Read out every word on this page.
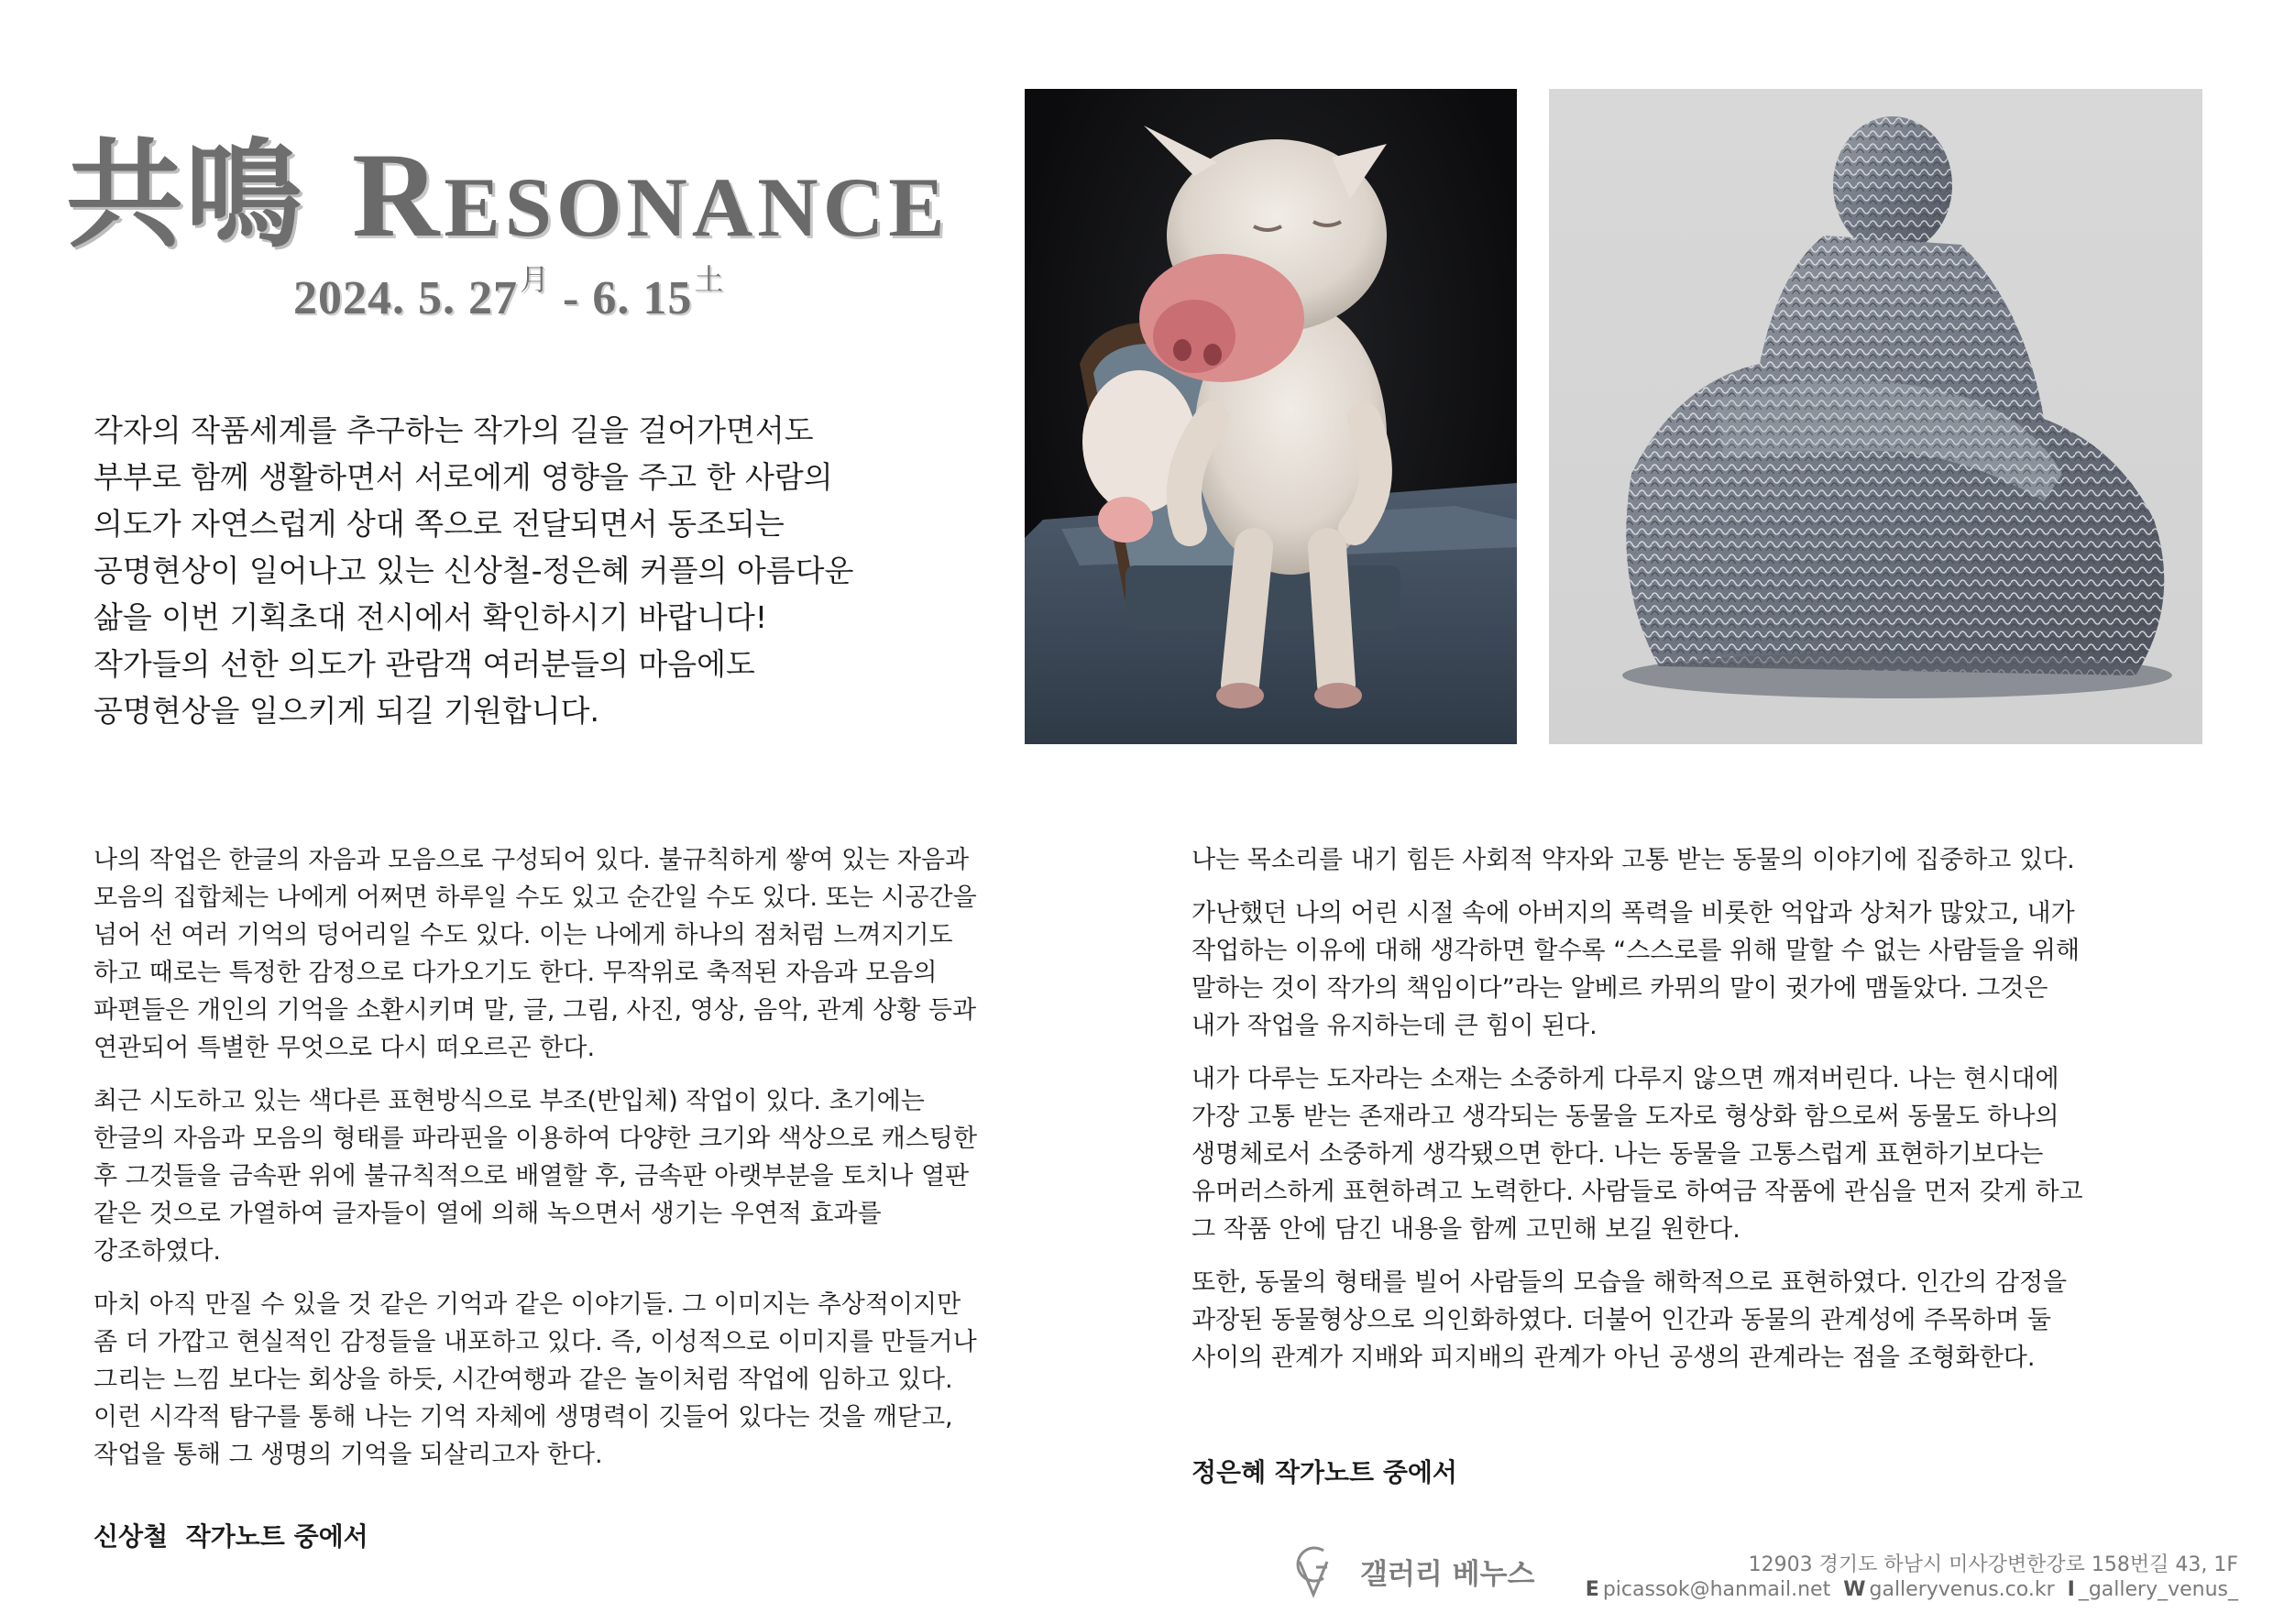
共鳴 Resonance
2024. 5. $27^月 - 6$. $15^土$

각자의 작품세계를 추구하는 작가의 길을 걸어가면서도

부부로 함께 생활하면서 서로에게 영향을 주고 한 사람의

의도가 자연스럽게 상대 쪽으로 전달되면서 동조되는

공명현상이 일어나고 있는 신상철-정은혜 커플의 아름다운

삶을 이번 기획초대 전시에서 확인하시기 바랍니다!

작가들의 선한 의도가 관람객 여러분들의 마음에도

공명현상을 일으키게 되길 기원합니다.

나의 작업은 한글의 자음과 모음으로 구성되어 있다. 불규칙하게 쌓여 있는 자음과
모음의 집합체는 나에게 어쩌면 하루일 수도 있고 순간일 수도 있다. 또는 시공간을
넘어 선 여러 기억의 덩어리일 수도 있다. 이는 나에게 하나의 점처럼 느껴지기도
하고 때로는 특정한 감정으로 다가오기도 한다. 무작위로 축적된 자음과 모음의
파편들은 개인의 기억을 소환시키며 말, 글, 그림, 사진, 영상, 음악, 관계 상황 등과
연관되어 특별한 무엇으로 다시 떠오르곤 한다.

최근 시도하고 있는 색다른 표현방식으로 부조(반입체) 작업이 있다. 초기에는
한글의 자음과 모음의 형태를 파라핀을 이용하여 다양한 크기와 색상으로 캐스팅한
후 그것들을 금속판 위에 불규칙적으로 배열할 후, 금속판 아랫부분을 토치나 열판
같은 것으로 가열하여 글자들이 열에 의해 녹으면서 생기는 우연적 효과를
강조하였다.

마치 아직 만질 수 있을 것 같은 기억과 같은 이야기들. 그 이미지는 추상적이지만
좀 더 가깝고 현실적인 감정들을 내포하고 있다. 즉, 이성적으로 이미지를 만들거나
그리는 느낌 보다는 회상을 하듯, 시간여행과 같은 놀이처럼 작업에 임하고 있다.
이런 시각적 탐구를 통해 나는 기억 자체에 생명력이 깃들어 있다는 것을 깨닫고,
작업을 통해 그 생명의 기억을 되살리고자 한다.

신상철  작가노트 중에서

나는 목소리를 내기 힘든 사회적 약자와 고통 받는 동물의 이야기에 집중하고 있다.

가난했던 나의 어린 시절 속에 아버지의 폭력을 비롯한 억압과 상처가 많았고, 내가
작업하는 이유에 대해 생각하면 할수록 “스스로를 위해 말할 수 없는 사람들을 위해
말하는 것이 작가의 책임이다”라는 알베르 카뮈의 말이 귓가에 맴돌았다. 그것은
내가 작업을 유지하는데 큰 힘이 된다.

내가 다루는 도자라는 소재는 소중하게 다루지 않으면 깨져버린다. 나는 현시대에
가장 고통 받는 존재라고 생각되는 동물을 도자로 형상화 함으로써 동물도 하나의
생명체로서 소중하게 생각됐으면 한다. 나는 동물을 고통스럽게 표현하기보다는
유머러스하게 표현하려고 노력한다. 사람들로 하여금 작품에 관심을 먼저 갖게 하고
그 작품 안에 담긴 내용을 함께 고민해 보길 원한다.

또한, 동물의 형태를 빌어 사람들의 모습을 해학적으로 표현하였다. 인간의 감정을
과장된 동물형상으로 의인화하였다. 더불어 인간과 동물의 관계성에 주목하며 둘
사이의 관계가 지배와 피지배의 관계가 아닌 공생의 관계라는 점을 조형화한다.

정은혜 작가노트 중에서
갤러리 베누스	12903 경기도 하남시 미사강변한강로 158번길 43, 1F
E picassok@hanmail.net W galleryvenus.co.kr I _gallery_venus_
